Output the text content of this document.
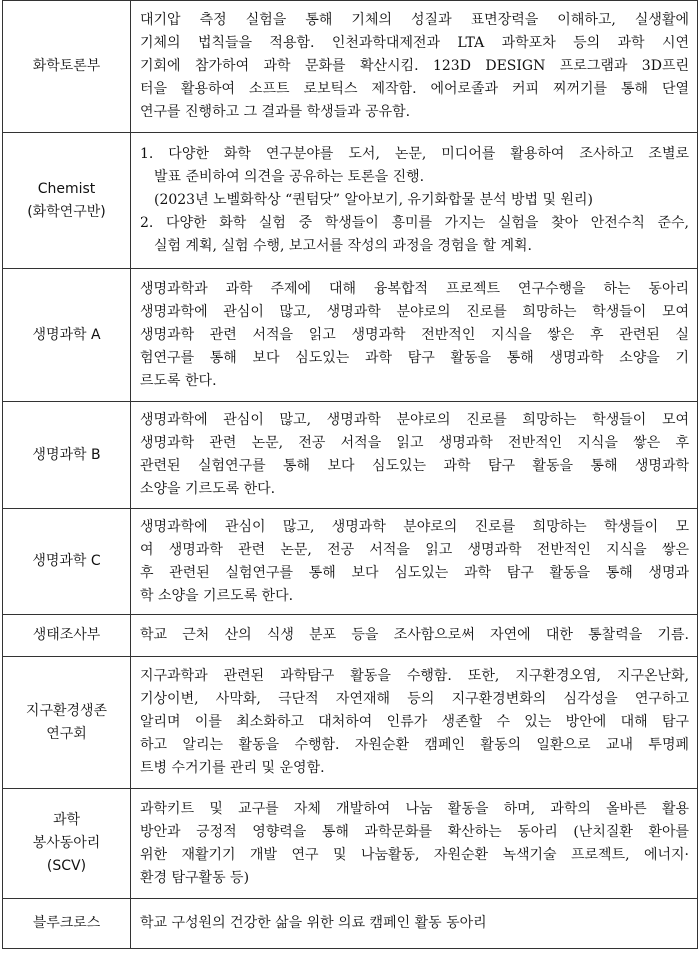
화학토론부	대기압 측정 실험을 통해 기체의 성질과 표면장력을 이해하고, 실생활에
기체의 법칙들을 적용함. 인천과학대제전과 LTA 과학포차 등의 과학 시연
기회에 참가하여 과학 문화를 확산시킴. 123D DESIGN 프로그램과 3D프린
터을 활용하여 소프트 로보틱스 제작함. 에어로졸과 커피 찌꺼기를 통해 단열
연구를 진행하고 그 결과를 학생들과 공유함.

Chemist
(화학연구반)	1. 다양한 화학 연구분야를 도서, 논문, 미디어를 활용하여 조사하고 조별로
발표 준비하여 의견을 공유하는 토론을 진행.
(2023년 노벨화학상 “퀀텀닷” 알아보기, 유기화합물 분석 방법 및 원리)
2. 다양한 화학 실험 중 학생들이 흥미를 가지는 실험을 찾아 안전수칙 준수,
실험 계획, 실험 수행, 보고서를 작성의 과정을 경험을 할 계획.

생명과학 A	생명과학과 과학 주제에 대해 융복합적 프로젝트 연구수행을 하는 동아리
생명과학에 관심이 많고, 생명과학 분야로의 진로를 희망하는 학생들이 모여
생명과학 관련 서적을 읽고 생명과학 전반적인 지식을 쌓은 후 관련된 실
험연구를 통해 보다 심도있는 과학 탐구 활동을 통해 생명과학 소양을 기
르도록 한다.

생명과학 B	생명과학에 관심이 많고, 생명과학 분야로의 진로를 희망하는 학생들이 모여
생명과학 관련 논문, 전공 서적을 읽고 생명과학 전반적인 지식을 쌓은 후
관련된 실험연구를 통해 보다 심도있는 과학 탐구 활동을 통해 생명과학
소양을 기르도록 한다.

생명과학 C	생명과학에 관심이 많고, 생명과학 분야로의 진로를 희망하는 학생들이 모
여 생명과학 관련 논문, 전공 서적을 읽고 생명과학 전반적인 지식을 쌓은
후 관련된 실험연구를 통해 보다 심도있는 과학 탐구 활동을 통해 생명과
학 소양을 기르도록 한다.

생태조사부	학교 근처 산의 식생 분포 등을 조사함으로써 자연에 대한 통찰력을 기름.

지구환경생존
연구회	지구과학과 관련된 과학탐구 활동을 수행함. 또한, 지구환경오염, 지구온난화,
기상이변, 사막화, 극단적 자연재해 등의 지구환경변화의 심각성을 연구하고
알리며 이를 최소화하고 대처하여 인류가 생존할 수 있는 방안에 대해 탐구
하고 알리는 활동을 수행함. 자원순환 캠페인 활동의 일환으로 교내 투명페
트병 수거기를 관리 및 운영함.

과학
봉사동아리
(SCV)	과학키트 및 교구를 자체 개발하여 나눔 활동을 하며, 과학의 올바른 활용
방안과 긍정적 영향력을 통해 과학문화를 확산하는 동아리 (난치질환 환아를
위한 재활기기 개발 연구 및 나눔활동, 자원순환 녹색기술 프로젝트, 에너지·
환경 탐구활동 등)

블루크로스	학교 구성원의 건강한 삶을 위한 의료 캠페인 활동 동아리
